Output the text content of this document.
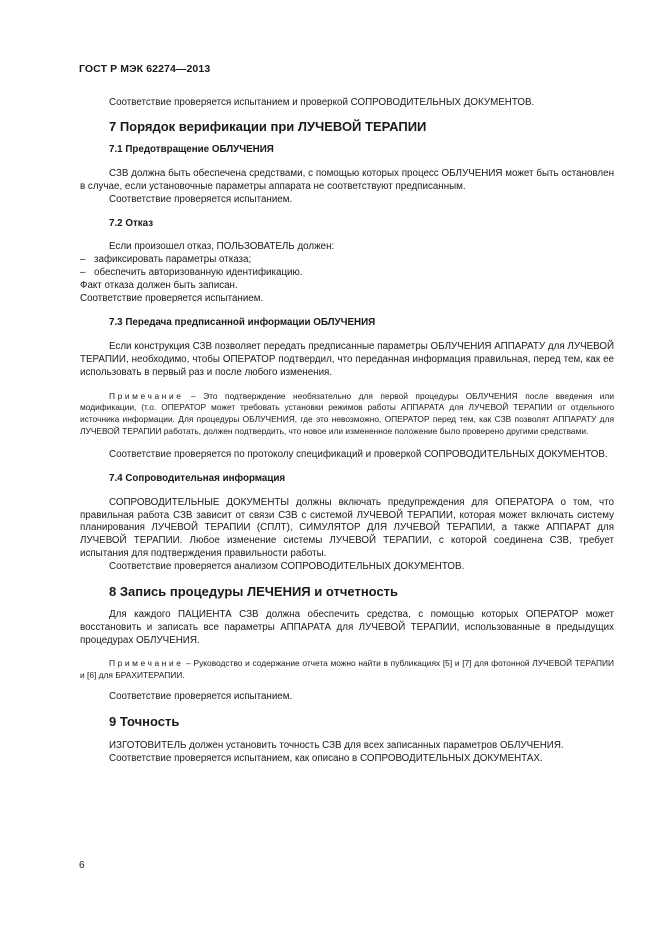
ГОСТ Р МЭК 62274—2013

Соответствие проверяется испытанием и проверкой СОПРОВОДИТЕЛЬНЫХ ДОКУМЕНТОВ.

7 Порядок верификации при ЛУЧЕВОЙ ТЕРАПИИ

7.1 Предотвращение ОБЛУЧЕНИЯ

СЗВ должна быть обеспечена средствами, с помощью которых процесс ОБЛУЧЕНИЯ может быть остановлен в случае, если установочные параметры аппарата не соответствуют предписанным.

Соответствие проверяется испытанием.

7.2 Отказ

Если произошел отказ, ПОЛЬЗОВАТЕЛЬ должен:

– зафиксировать параметры отказа;

– обеспечить авторизованную идентификацию.

Факт отказа должен быть записан.

Соответствие проверяется испытанием.

7.3 Передача предписанной информации ОБЛУЧЕНИЯ

Если конструкция СЗВ позволяет передать предписанные параметры ОБЛУЧЕНИЯ АППАРАТУ для ЛУЧЕВОЙ ТЕРАПИИ, необходимо, чтобы ОПЕРАТОР подтвердил, что переданная информация правильная, перед тем, как ее использовать в первый раз и после любого изменения.

Примечание – Это подтверждение необязательно для первой процедуры ОБЛУЧЕНИЯ после введения или модификации, (т.о. ОПЕРАТОР может требовать установки режимов работы АППАРАТА для ЛУЧЕВОЙ ТЕРАПИИ от отдельного источника информации. Для процедуры ОБЛУЧЕНИЯ, где это невозможно, ОПЕРАТОР перед тем, как СЗВ позволят АППАРАТУ для ЛУЧЕВОЙ ТЕРАПИИ работать, должен подтвердить, что новое или измененное положение было проверено другими средствами.

Соответствие проверяется по протоколу спецификаций и проверкой СОПРОВОДИТЕЛЬНЫХ ДОКУМЕНТОВ.

7.4 Сопроводительная информация

СОПРОВОДИТЕЛЬНЫЕ ДОКУМЕНТЫ должны включать предупреждения для ОПЕРАТОРА о том, что правильная работа СЗВ зависит от связи СЗВ с системой ЛУЧЕВОЙ ТЕРАПИИ, которая может включать систему планирования ЛУЧЕВОЙ ТЕРАПИИ (СПЛТ), СИМУЛЯТОР ДЛЯ ЛУЧЕВОЙ ТЕРАПИИ, а также АППАРАТ для ЛУЧЕВОЙ ТЕРАПИИ. Любое изменение системы ЛУЧЕВОЙ ТЕРАПИИ, с которой соединена СЗВ, требует испытания для подтверждения правильности работы.

Соответствие проверяется анализом СОПРОВОДИТЕЛЬНЫХ ДОКУМЕНТОВ.

8 Запись процедуры ЛЕЧЕНИЯ и отчетность

Для каждого ПАЦИЕНТА СЗВ должна обеспечить средства, с помощью которых ОПЕРАТОР может восстановить и записать все параметры АППАРАТА для ЛУЧЕВОЙ ТЕРАПИИ, использованные в предыдущих процедурах ОБЛУЧЕНИЯ.

Примечание – Руководство и содержание отчета можно найти в публикациях [5] и [7] для фотонной ЛУЧЕВОЙ ТЕРАПИИ и [6] для БРАХИТЕРАПИИ.

Соответствие проверяется испытанием.

9 Точность

ИЗГОТОВИТЕЛЬ должен установить точность СЗВ для всех записанных параметров ОБЛУЧЕНИЯ.

Соответствие проверяется испытанием, как описано в СОПРОВОДИТЕЛЬНЫХ ДОКУМЕНТАХ.

6
